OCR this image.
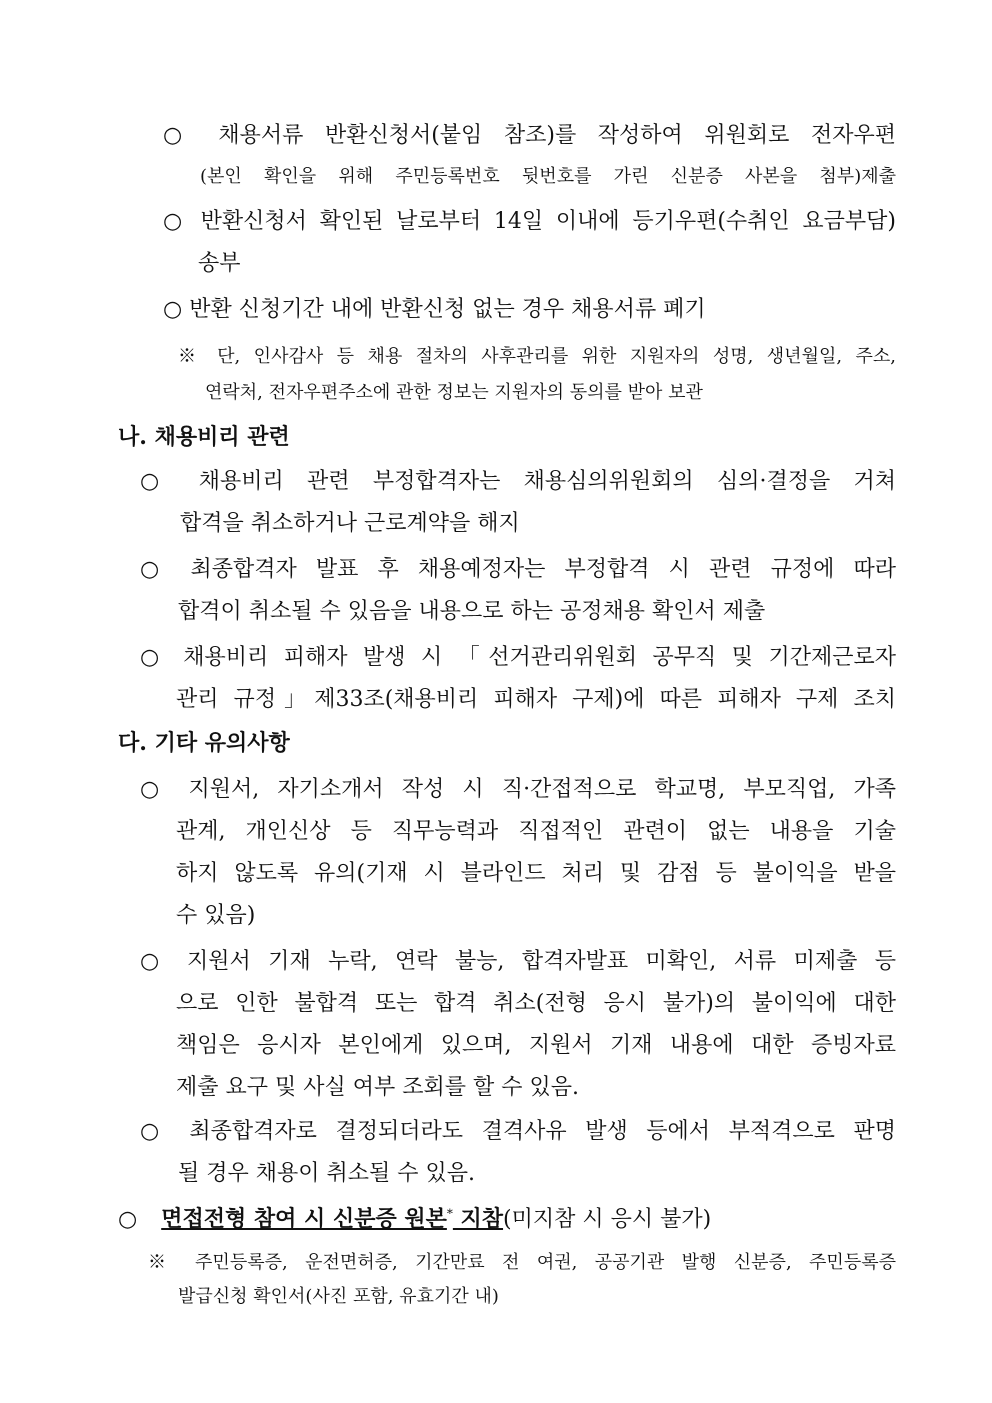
○ 채용서류 반환신청서(붙임 참조)를 작성하여 위원회로 전자우편
(본인 확인을 위해 주민등록번호 뒷번호를 가린 신분증 사본을 첨부)제출
○ 반환신청서 확인된 날로부터 14일 이내에 등기우편(수취인 요금부담)
송부
○ 반환 신청기간 내에 반환신청 없는 경우 채용서류 폐기
※ 단, 인사감사 등 채용 절차의 사후관리를 위한 지원자의 성명, 생년월일, 주소,
연락처, 전자우편주소에 관한 정보는 지원자의 동의를 받아 보관
나. 채용비리 관련
○ 채용비리 관련 부정합격자는 채용심의위원회의 심의·결정을 거쳐
합격을 취소하거나 근로계약을 해지
○ 최종합격자 발표 후 채용예정자는 부정합격 시 관련 규정에 따라
합격이 취소될 수 있음을 내용으로 하는 공정채용 확인서 제출
○ 채용비리 피해자 발생 시 「선거관리위원회 공무직 및 기간제근로자
관리 규정」제33조(채용비리 피해자 구제)에 따른 피해자 구제 조치
다. 기타 유의사항
○ 지원서, 자기소개서 작성 시 직·간접적으로 학교명, 부모직업, 가족
관계, 개인신상 등 직무능력과 직접적인 관련이 없는 내용을 기술
하지 않도록 유의(기재 시 블라인드 처리 및 감점 등 불이익을 받을
수 있음)
○ 지원서 기재 누락, 연락 불능, 합격자발표 미확인, 서류 미제출 등
으로 인한 불합격 또는 합격 취소(전형 응시 불가)의 불이익에 대한
책임은 응시자 본인에게 있으며, 지원서 기재 내용에 대한 증빙자료
제출 요구 및 사실 여부 조회를 할 수 있음.
○ 최종합격자로 결정되더라도 결격사유 발생 등에서 부적격으로 판명
될 경우 채용이 취소될 수 있음.
○ 면접전형 참여 시 신분증 원본* 지참(미지참 시 응시 불가)
※ 주민등록증, 운전면허증, 기간만료 전 여권, 공공기관 발행 신분증, 주민등록증
발급신청 확인서(사진 포함, 유효기간 내)
